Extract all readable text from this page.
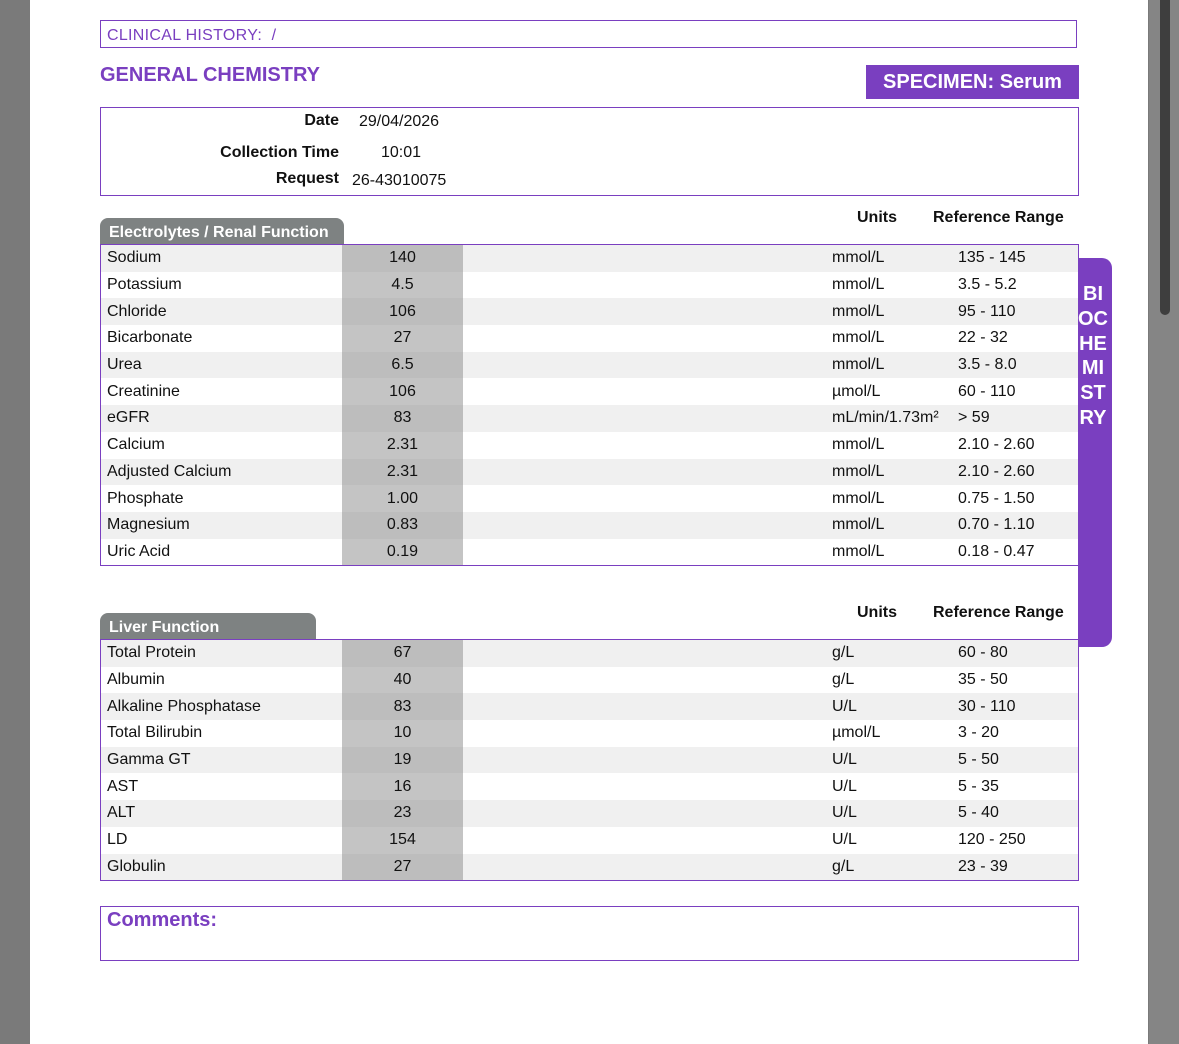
CLINICAL HISTORY:  /
GENERAL CHEMISTRY	SPECIMEN: Serum
Date 29/04/2026
Collection Time	10:01
Request 26-43010075
Electrolytes / Renal Function
Units Reference Range
Sodium	140	mmol/L	135 - 145
Potassium	4.5	mmol/L	3.5 - 5.2
Chloride	106	mmol/L	95 - 110
Bicarbonate	27	mmol/L	22 - 32
Urea	6.5	mmol/L	3.5 - 8.0
Creatinine	106	µmol/L	60 - 110
eGFR	83	mL/min/1.73m² > 59
Calcium	2.31	mmol/L	2.10 - 2.60
Adjusted Calcium	2.31	mmol/L	2.10 - 2.60
Phosphate	1.00	mmol/L	0.75 - 1.50
Magnesium	0.83	mmol/L	0.70 - 1.10
Uric Acid	0.19	mmol/L	0.18 - 0.47
Liver Function
Units Reference Range
Total Protein	67	g/L	60 - 80
Albumin	40	g/L	35 - 50
Alkaline Phosphatase	83	U/L	30 - 110
Total Bilirubin	10	µmol/L	3 - 20
Gamma GT	19	U/L	5 - 50
AST	16	U/L	5 - 35
ALT	23	U/L	5 - 40
LD	154	U/L	120 - 250
Globulin	27	g/L	23 - 39
BIOCHEMISTRY
Comments:
